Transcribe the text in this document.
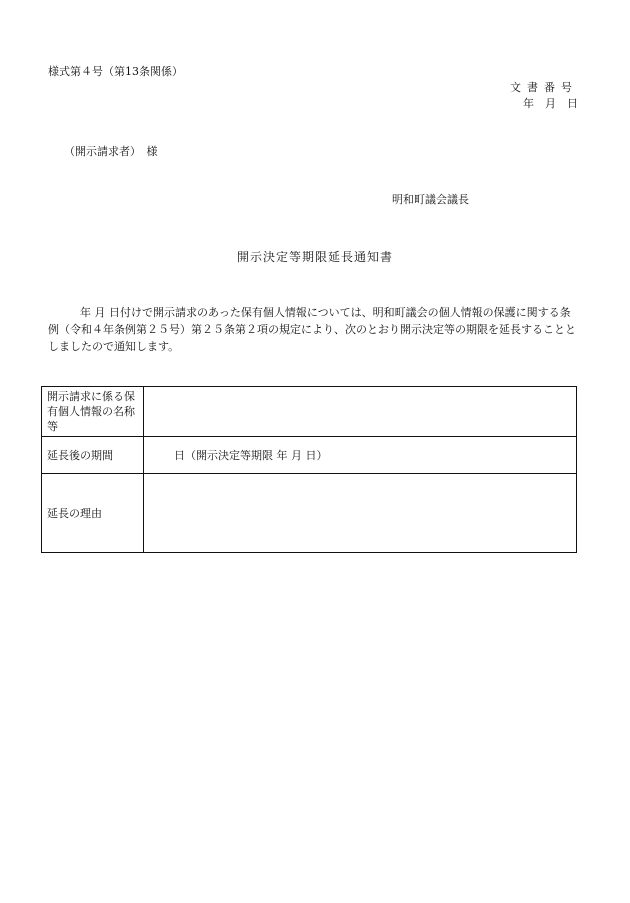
様式第４号（第13条関係）
文書番号
年　月　日
（開示請求者）　様
明和町議会議長
開示決定等期限延長通知書
年 月 日付けで開示請求のあった保有個人情報については、明和町議会の個人情報の保護に関する条例（令和４年条例第２５号）第２５条第２項の規定により、次のとおり開示決定等の期限を延長することとしましたので通知します。
開示請求に係る保有個人情報の名称等	
延長後の期間	日（開示決定等期限 年 月 日）
延長の理由	
